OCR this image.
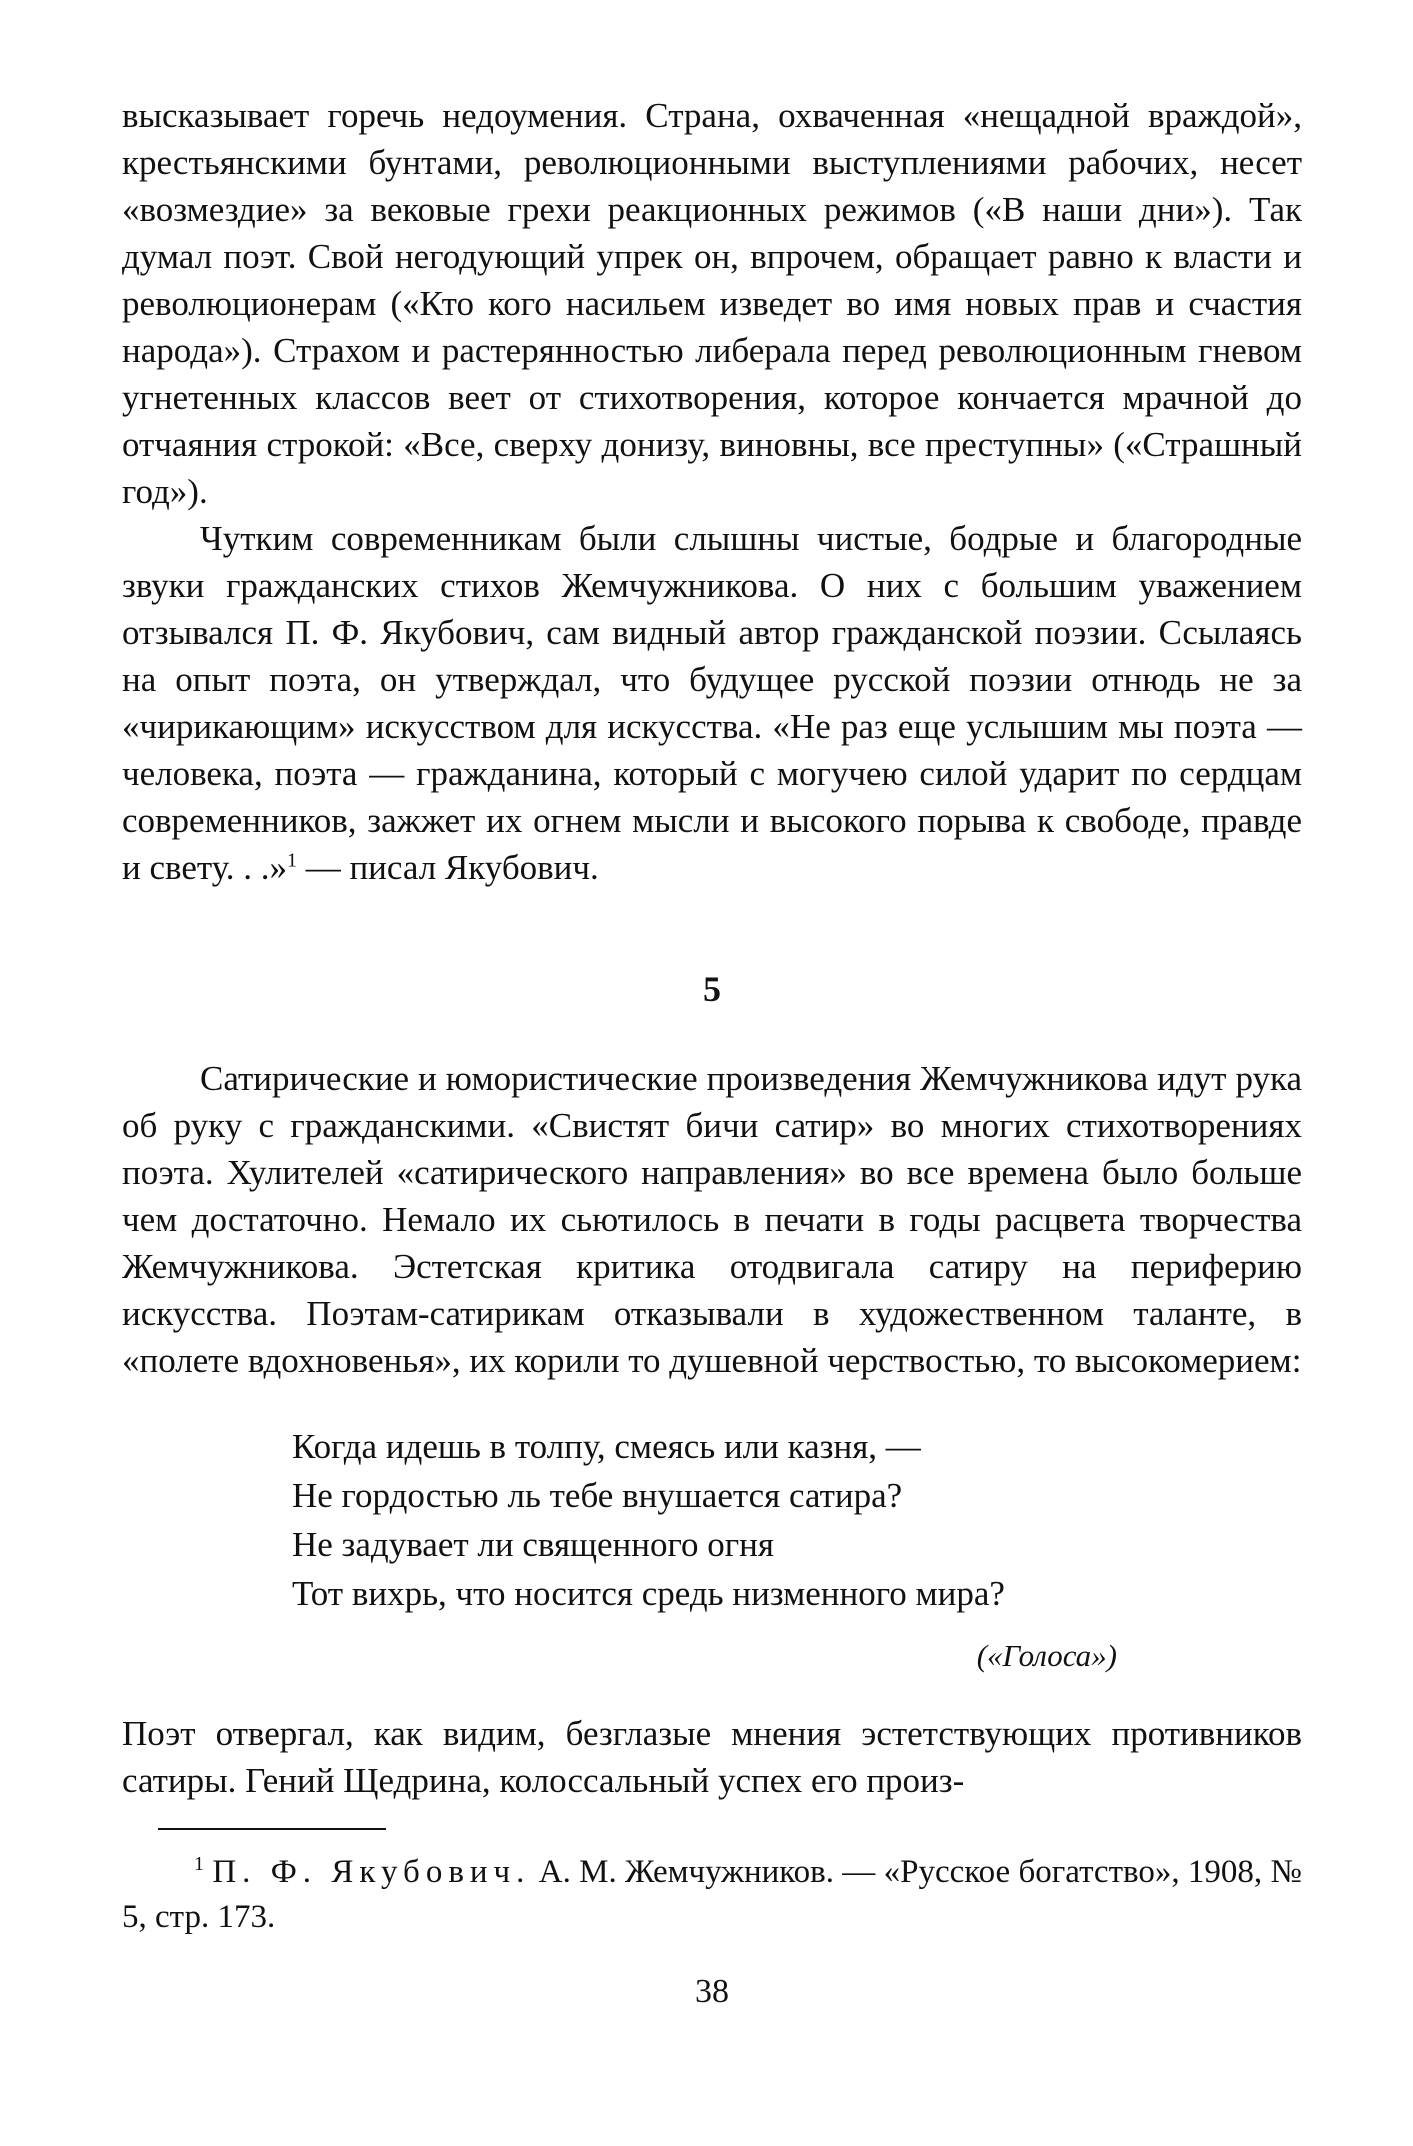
высказывает горечь недоумения. Страна, охваченная «нещадной враждой», крестьянскими бунтами, революционными выступлениями рабочих, несет «возмездие» за вековые грехи реакционных режимов («В наши дни»). Так думал поэт. Свой негодующий упрек он, впрочем, обращает равно к власти и революционерам («Кто кого насильем изведет во имя новых прав и счастия народа»). Страхом и растерянностью либерала перед революционным гневом угнетенных классов веет от стихотворения, которое кончается мрачной до отчаяния строкой: «Все, сверху донизу, виновны, все преступны» («Страшный год»).

Чутким современникам были слышны чистые, бодрые и благородные звуки гражданских стихов Жемчужникова. О них с большим уважением отзывался П. Ф. Якубович, сам видный автор гражданской поэзии. Ссылаясь на опыт поэта, он утверждал, что будущее русской поэзии отнюдь не за «чирикающим» искусством для искусства. «Не раз еще услышим мы поэта — человека, поэта — гражданина, который с могучею силой ударит по сердцам современников, зажжет их огнем мысли и высокого порыва к свободе, правде и свету. . .»$^1$ — писал Якубович.

5

Сатирические и юмористические произведения Жемчужникова идут рука об руку с гражданскими. «Свистят бичи сатир» во многих стихотворениях поэта. Хулителей «сатирического направления» во все времена было больше чем достаточно. Немало их сьютилось в печати в годы расцвета творчества Жемчужникова. Эстетская критика отодвигала сатиру на периферию искусства. Поэтам-сатирикам отказывали в художественном таланте, в «полете вдохновенья», их корили то душевной черствостью, то высокомерием:

Когда идешь в толпу, смеясь или казня, —
Не гордостью ль тебе внушается сатира?
Не задувает ли священного огня
Тот вихрь, что носится средь низменного мира?
(«Голоса»)

Поэт отвергал, как видим, безглазые мнения эстетствующих противников сатиры. Гений Щедрина, колоссальный успех его произ-

$^1$ П. Ф. Якубович. А. М. Жемчужников. — «Русское богатство», 1908, № 5, стр. 173.

38
